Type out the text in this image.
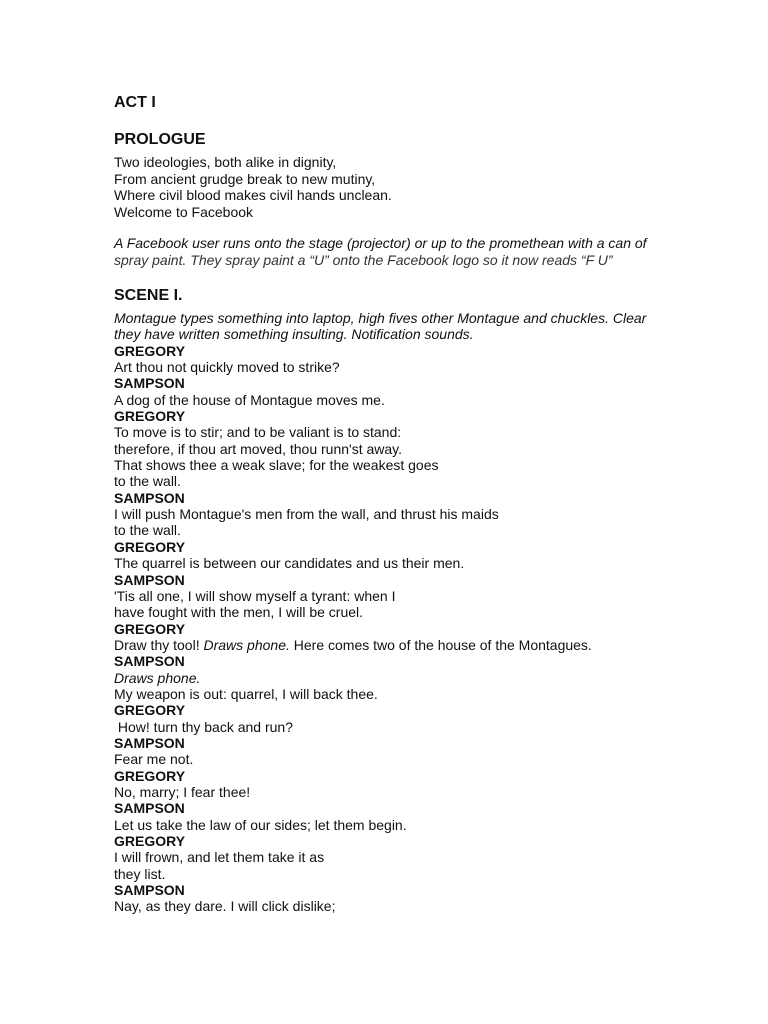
ACT I
PROLOGUE
Two ideologies, both alike in dignity,
From ancient grudge break to new mutiny,
Where civil blood makes civil hands unclean.
Welcome to Facebook
A Facebook user runs onto the stage (projector) or up to the promethean with a can of
spray paint. They spray paint a “U” onto the Facebook logo so it now reads “F U”
SCENE I.
Montague types something into laptop, high fives other Montague and chuckles. Clear
they have written something insulting. Notification sounds.
GREGORY
Art thou not quickly moved to strike?
SAMPSON
A dog of the house of Montague moves me.
GREGORY
To move is to stir; and to be valiant is to stand:
therefore, if thou art moved, thou runn'st away.
That shows thee a weak slave; for the weakest goes
to the wall.
SAMPSON
I will push Montague's men from the wall, and thrust his maids
to the wall.
GREGORY
The quarrel is between our candidates and us their men.
SAMPSON
'Tis all one, I will show myself a tyrant: when I
have fought with the men, I will be cruel.
GREGORY
Draw thy tool! Draws phone. Here comes two of the house of the Montagues.
SAMPSON
Draws phone.
My weapon is out: quarrel, I will back thee.
GREGORY
How! turn thy back and run?
SAMPSON
Fear me not.
GREGORY
No, marry; I fear thee!
SAMPSON
Let us take the law of our sides; let them begin.
GREGORY
I will frown, and let them take it as
they list.
SAMPSON
Nay, as they dare. I will click dislike;
